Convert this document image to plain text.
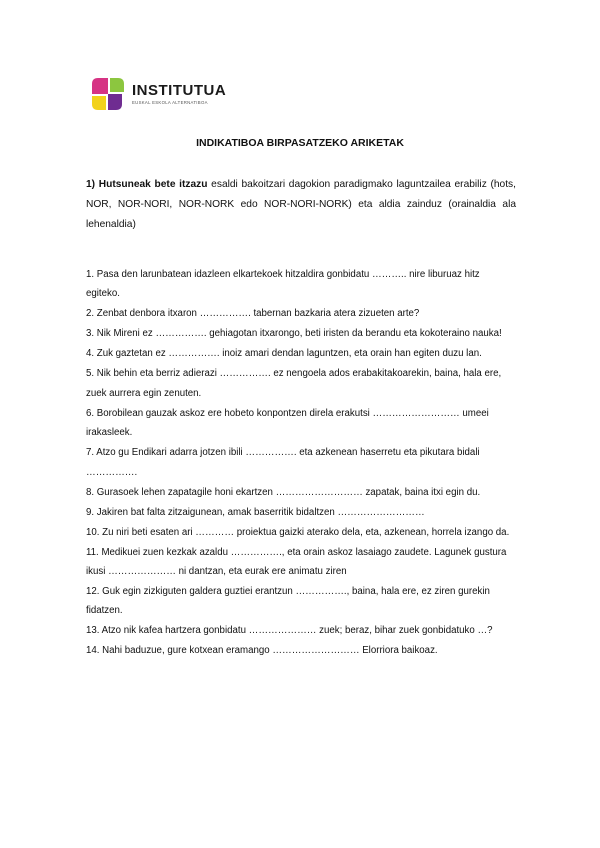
INSTITUTUA
EUSKAL ESKOLA ALTERNATIBOA
INDIKATIBOA BIRPASATZEKO ARIKETAK

1) Hutsuneak bete itzazu esaldi bakoitzari dagokion paradigmako laguntzailea erabiliz (hots, NOR, NOR-NORI, NOR-NORK edo NOR-NORI-NORK) eta aldia zainduz (orainaldia ala lehenaldia)

1. Pasa den larunbatean idazleen elkartekoek hitzaldira gonbidatu ……….. nire liburuaz hitz egiteko.
2. Zenbat denbora itxaron ……………. tabernan bazkaria atera zizueten arte?
3. Nik Mireni ez ……………. gehiagotan itxarongo, beti iristen da berandu eta kokoteraino nauka!
4. Zuk gaztetan ez ……………. inoiz amari dendan laguntzen, eta orain han egiten duzu lan.
5. Nik behin eta berriz adierazi ……………. ez nengoela ados erabakitakoarekin, baina, hala ere, zuek aurrera egin zenuten.
6. Borobilean gauzak askoz ere hobeto konpontzen direla erakutsi ……………………… umeei irakasleek.
7. Atzo gu Endikari adarra jotzen ibili ……………. eta azkenean haserretu eta pikutara bidali …………….
8. Gurasoek lehen zapatagile honi ekartzen ……………………… zapatak, baina itxi egin du.
9. Jakiren bat falta zitzaigunean, amak baserritik bidaltzen ………………………
10. Zu niri beti esaten ari ………… proiektua gaizki aterako dela, eta, azkenean, horrela izango da.
11. Medikuei zuen kezkak azaldu ……………., eta orain askoz lasaiago zaudete. Lagunek gustura ikusi ………………… ni dantzan, eta eurak ere animatu ziren
12. Guk egin zizkiguten galdera guztiei erantzun ……………., baina, hala ere, ez ziren gurekin fidatzen.
13. Atzo nik kafea hartzera gonbidatu ………………… zuek; beraz, bihar zuek gonbidatuko …?
14. Nahi baduzue, gure kotxean eramango ……………………… Elorriora baikoaz.
